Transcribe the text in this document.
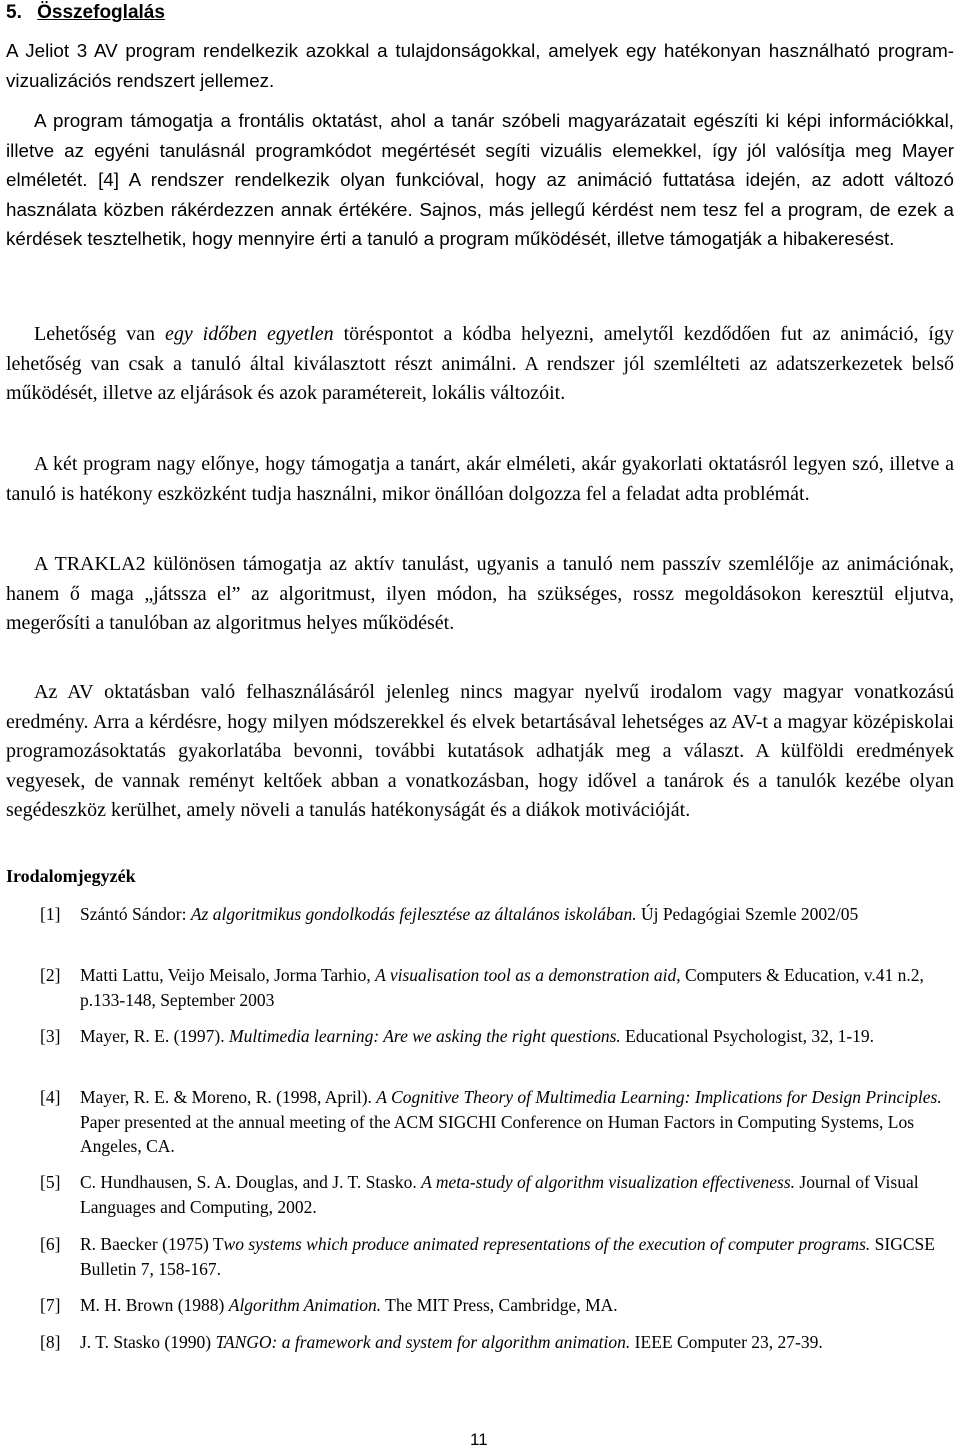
5. Összefoglalás

A Jeliot 3 AV program rendelkezik azokkal a tulajdonságokkal, amelyek egy hatékonyan használható program-vizualizációs rendszert jellemez.

A program támogatja a frontális oktatást, ahol a tanár szóbeli magyarázatait egészíti ki képi információkkal, illetve az egyéni tanulásnál programkódot megértését segíti vizuális elemekkel, így jól valósítja meg Mayer elméletét. [4] A rendszer rendelkezik olyan funkcióval, hogy az animáció futtatása idején, az adott változó használata közben rákérdezzen annak értékére. Sajnos, más jellegű kérdést nem tesz fel a program, de ezek a kérdések tesztelhetik, hogy mennyire érti a tanuló a program működését, illetve támogatják a hibakeresést.

Lehetőség van egy időben egyetlen töréspontot a kódba helyezni, amelytől kezdődően fut az animáció, így lehetőség van csak a tanuló által kiválasztott részt animálni. A rendszer jól szemlélteti az adatszerkezetek belső működését, illetve az eljárások és azok paramétereit, lokális változóit.

A két program nagy előnye, hogy támogatja a tanárt, akár elméleti, akár gyakorlati oktatásról legyen szó, illetve a tanuló is hatékony eszközként tudja használni, mikor önállóan dolgozza fel a feladat adta problémát.

A TRAKLA2 különösen támogatja az aktív tanulást, ugyanis a tanuló nem passzív szemlélője az animációnak, hanem ő maga „játssza el” az algoritmust, ilyen módon, ha szükséges, rossz megoldásokon keresztül eljutva, megerősíti a tanulóban az algoritmus helyes működését.

Az AV oktatásban való felhasználásáról jelenleg nincs magyar nyelvű irodalom vagy magyar vonatkozású eredmény. Arra a kérdésre, hogy milyen módszerekkel és elvek betartásával lehetséges az AV-t a magyar középiskolai programozásoktatás gyakorlatába bevonni, további kutatások adhatják meg a választ. A külföldi eredmények vegyesek, de vannak reményt keltőek abban a vonatkozásban, hogy idővel a tanárok és a tanulók kezébe olyan segédeszköz kerülhet, amely növeli a tanulás hatékonyságát és a diákok motivációját.

Irodalomjegyzék
[1] Szántó Sándor: Az algoritmikus gondolkodás fejlesztése az általános iskolában. Új Pedagógiai Szemle 2002/05
[2] Matti Lattu, Veijo Meisalo, Jorma Tarhio, A visualisation tool as a demonstration aid, Computers & Education, v.41 n.2, p.133-148, September 2003
[3] Mayer, R. E. (1997). Multimedia learning: Are we asking the right questions. Educational Psychologist, 32, 1-19.
[4] Mayer, R. E. & Moreno, R. (1998, April). A Cognitive Theory of Multimedia Learning: Implications for Design Principles. Paper presented at the annual meeting of the ACM SIGCHI Conference on Human Factors in Computing Systems, Los Angeles, CA.
[5] C. Hundhausen, S. A. Douglas, and J. T. Stasko. A meta-study of algorithm visualization effectiveness. Journal of Visual Languages and Computing, 2002.
[6] R. Baecker (1975) Two systems which produce animated representations of the execution of computer programs. SIGCSE Bulletin 7, 158-167.
[7] M. H. Brown (1988) Algorithm Animation. The MIT Press, Cambridge, MA.
[8] J. T. Stasko (1990) TANGO: a framework and system for algorithm animation. IEEE Computer 23, 27-39.
11
